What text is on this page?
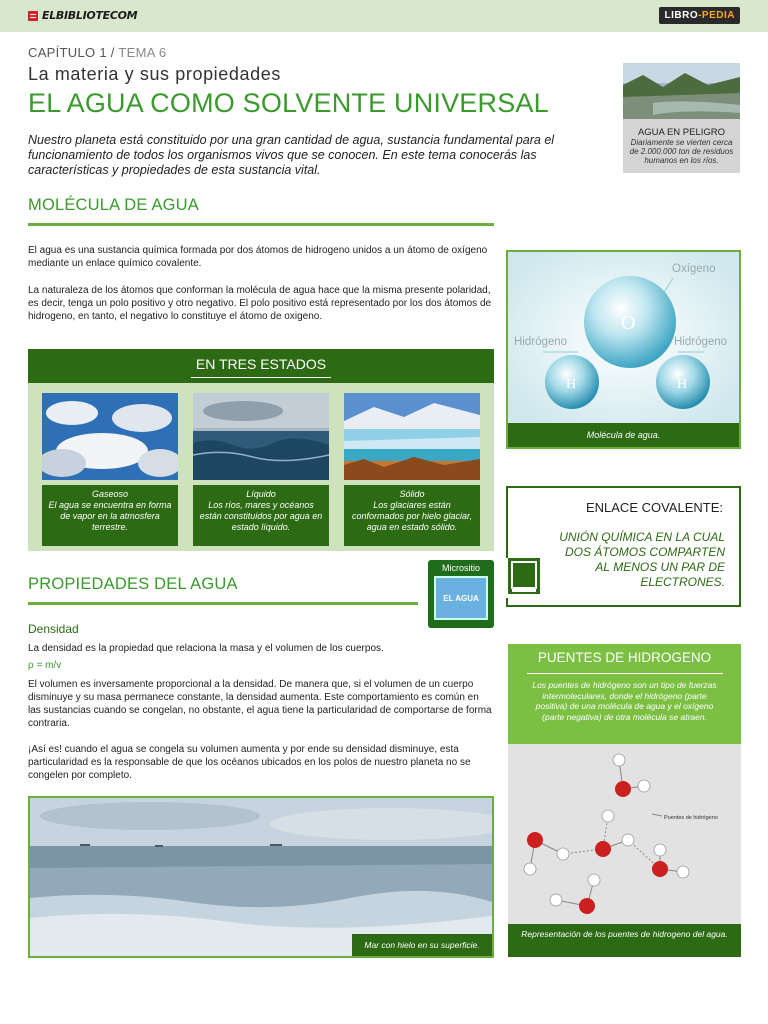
ELBIBLIOTECOM	LIBRO-PEDIA
CAPÍTULO 1 / TEMA 6
La materia y sus propiedades
EL AGUA COMO SOLVENTE UNIVERSAL
Nuestro planeta está constituido por una gran cantidad de agua, sustancia fundamental para el funcionamiento de todos los organismos vivos que se conocen. En este tema conocerás las características y propiedades de esta sustancia vital.
AGUA EN PELIGRO
Diariamente se vierten cerca de 2.000.000 ton de residuos humanos en los ríos.
MOLÉCULA DE AGUA
El agua es una sustancia química formada por dos átomos de hidrogeno unidos a un átomo de oxígeno mediante un enlace químico covalente.
La naturaleza de los átomos que conforman la molécula de agua hace que la misma presente polaridad, es decir, tenga un polo positivo y otro negativo. El polo positivo está representado por los dos átomos de hidrogeno, en tanto, el negativo lo constituye el átomo de oxigeno.
Oxígeno
Hidrógeno	Hidrógeno
O
H	H
Molécula de agua.
EN TRES ESTADOS
Gaseoso
El agua se encuentra en forma de vapor en la atmosfera terrestre.
Líquido
Los ríos, mares y océanos están constituidos por agua en estado líquido.
Sólido
Los glaciares están conformados por hielo glaciar, agua en estado sólido.
ENLACE COVALENTE:
UNIÓN QUÍMICA EN LA CUAL DOS ÁTOMOS COMPARTEN AL MENOS UN PAR DE ELECTRONES.
PROPIEDADES DEL AGUA
Micrositio
EL AGUA
Densidad
La densidad es la propiedad que relaciona la masa y el volumen de los cuerpos.
ρ = m/v
El volumen es inversamente proporcional a la densidad. De manera que, si el volumen de un cuerpo disminuye y su masa permanece constante, la densidad aumenta. Este comportamiento es común en las sustancias cuando se congelan, no obstante, el agua tiene la particularidad de comportarse de forma contraria.
¡Así es! cuando el agua se congela su volumen aumenta y por ende su densidad disminuye, esta particularidad es la responsable de que los océanos ubicados en los polos de nuestro planeta no se congelen por completo.
Mar con hielo en su superficie.
PUENTES DE HIDROGENO
Los puentes de hidrógeno son un tipo de fuerzas intermoleculares, donde el hidrógeno (parte positiva) de una molécula de agua y el oxígeno (parte negativa) de otra molécula se atraen.
Puentes de hidrógeno
Representación de los puentes de hidrogeno del agua.
